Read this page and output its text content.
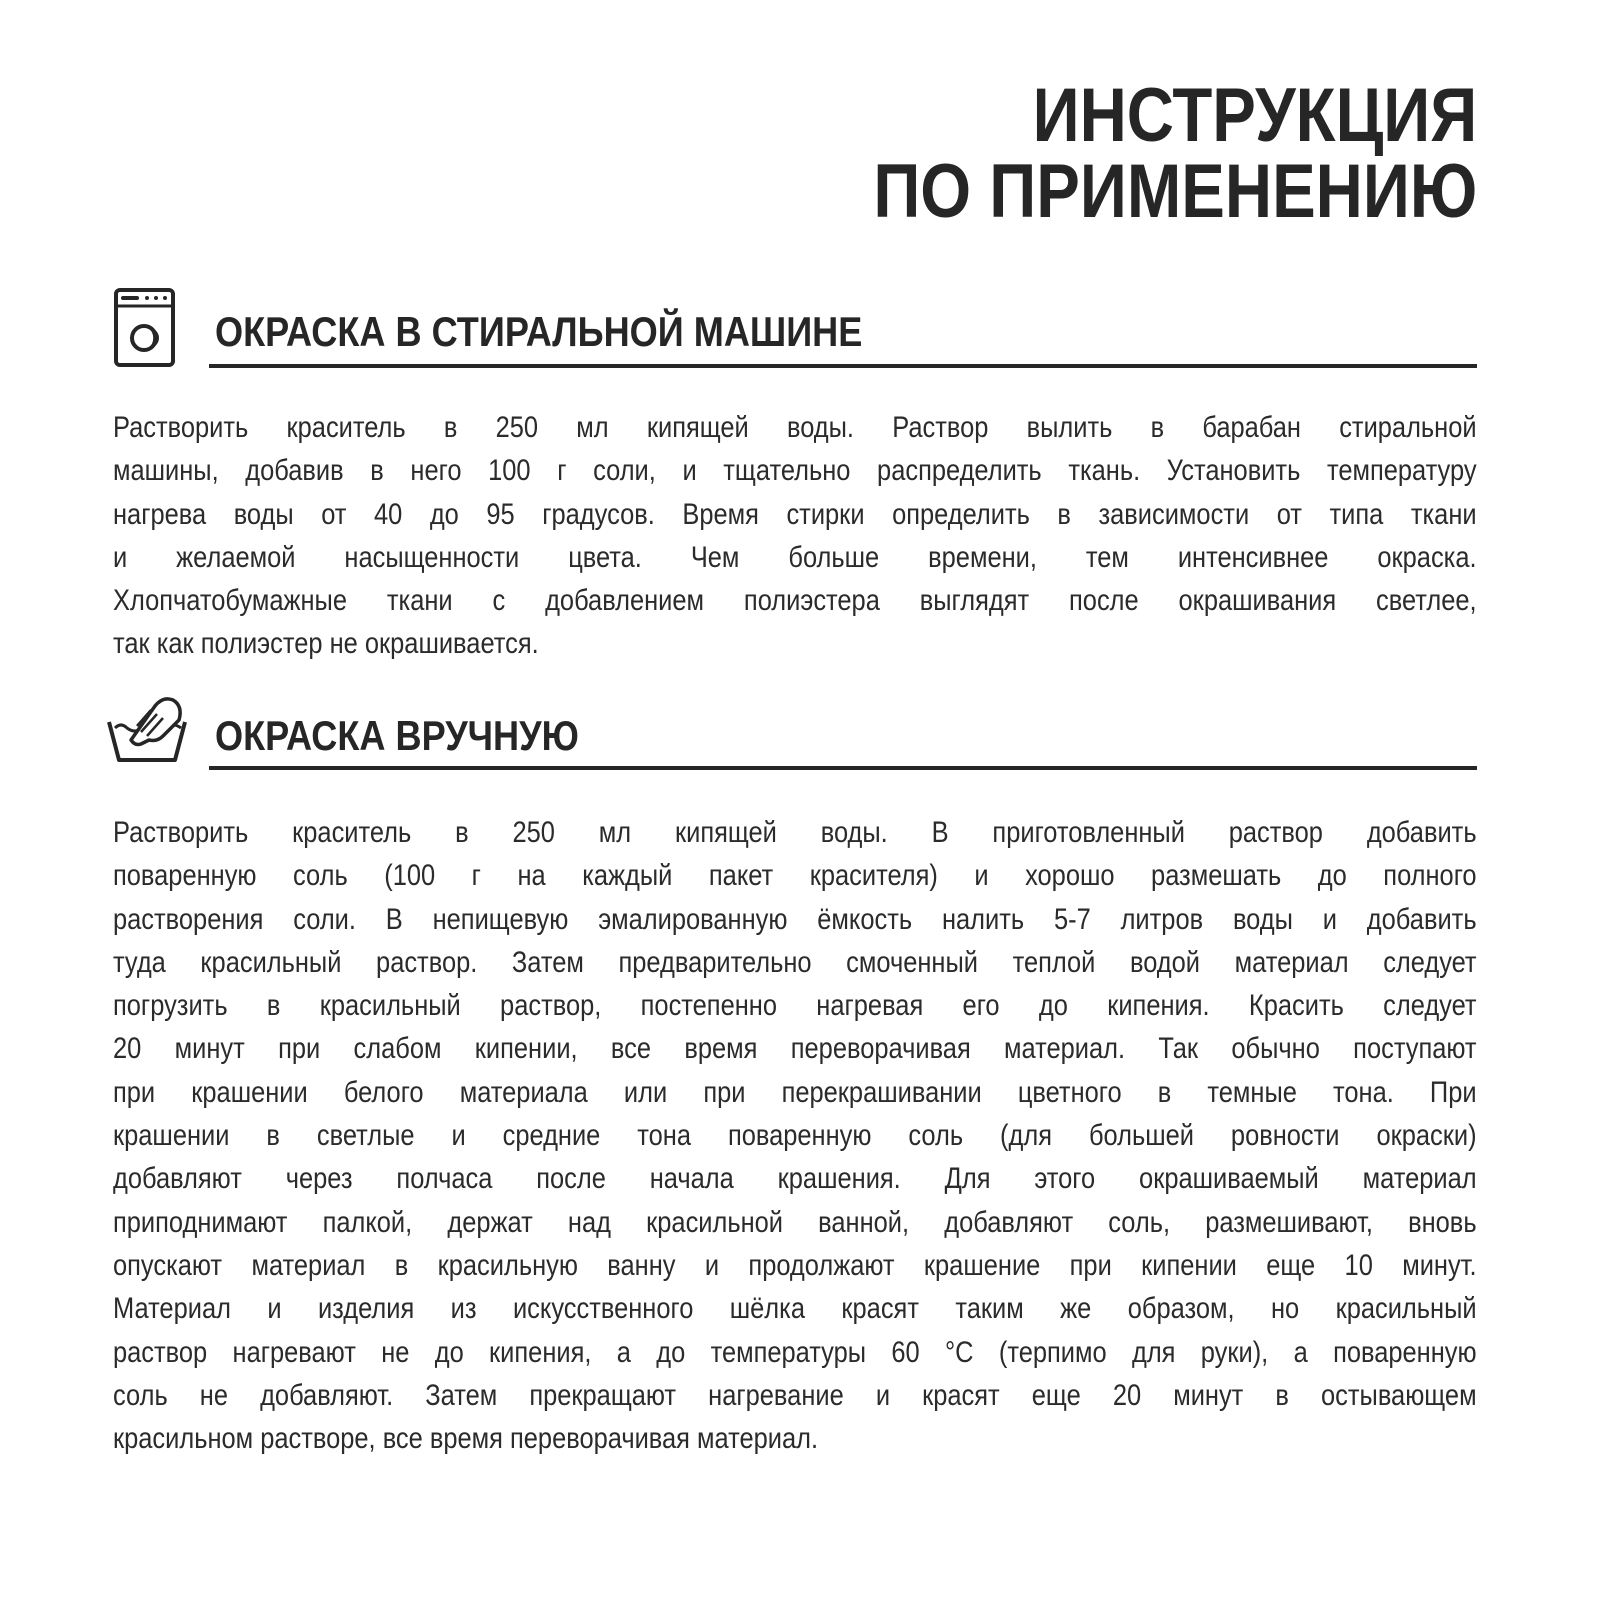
ИНСТРУКЦИЯ
ПО ПРИМЕНЕНИЮ
ОКРАСКА В СТИРАЛЬНОЙ МАШИНЕ
Растворить краситель в 250 мл кипящей воды. Раствор вылить в барабан стиральной
машины, добавив в него 100 г соли, и тщательно распределить ткань. Установить температуру
нагрева воды от 40 до 95 градусов. Время стирки определить в зависимости от типа ткани
и желаемой насыщенности цвета. Чем больше времени, тем интенсивнее окраска.
Хлопчатобумажные ткани с добавлением полиэстера выглядят после окрашивания светлее,
так как полиэстер не окрашивается.
ОКРАСКА ВРУЧНУЮ
Растворить краситель в 250 мл кипящей воды. В приготовленный раствор добавить
поваренную соль (100 г на каждый пакет красителя) и хорошо размешать до полного
растворения соли. В непищевую эмалированную ёмкость налить 5-7 литров воды и добавить
туда красильный раствор. Затем предварительно смоченный теплой водой материал следует
погрузить в красильный раствор, постепенно нагревая его до кипения. Красить следует
20 минут при слабом кипении, все время переворачивая материал. Так обычно поступают
при крашении белого материала или при перекрашивании цветного в темные тона. При
крашении в светлые и средние тона поваренную соль (для большей ровности окраски)
добавляют через полчаса после начала крашения. Для этого окрашиваемый материал
приподнимают палкой, держат над красильной ванной, добавляют соль, размешивают, вновь
опускают материал в красильную ванну и продолжают крашение при кипении еще 10 минут.
Материал и изделия из искусственного шёлка красят таким же образом, но красильный
раствор нагревают не до кипения, а до температуры 60 °C (терпимо для руки), а поваренную
соль не добавляют. Затем прекращают нагревание и красят еще 20 минут в остывающем
красильном растворе, все время переворачивая материал.
